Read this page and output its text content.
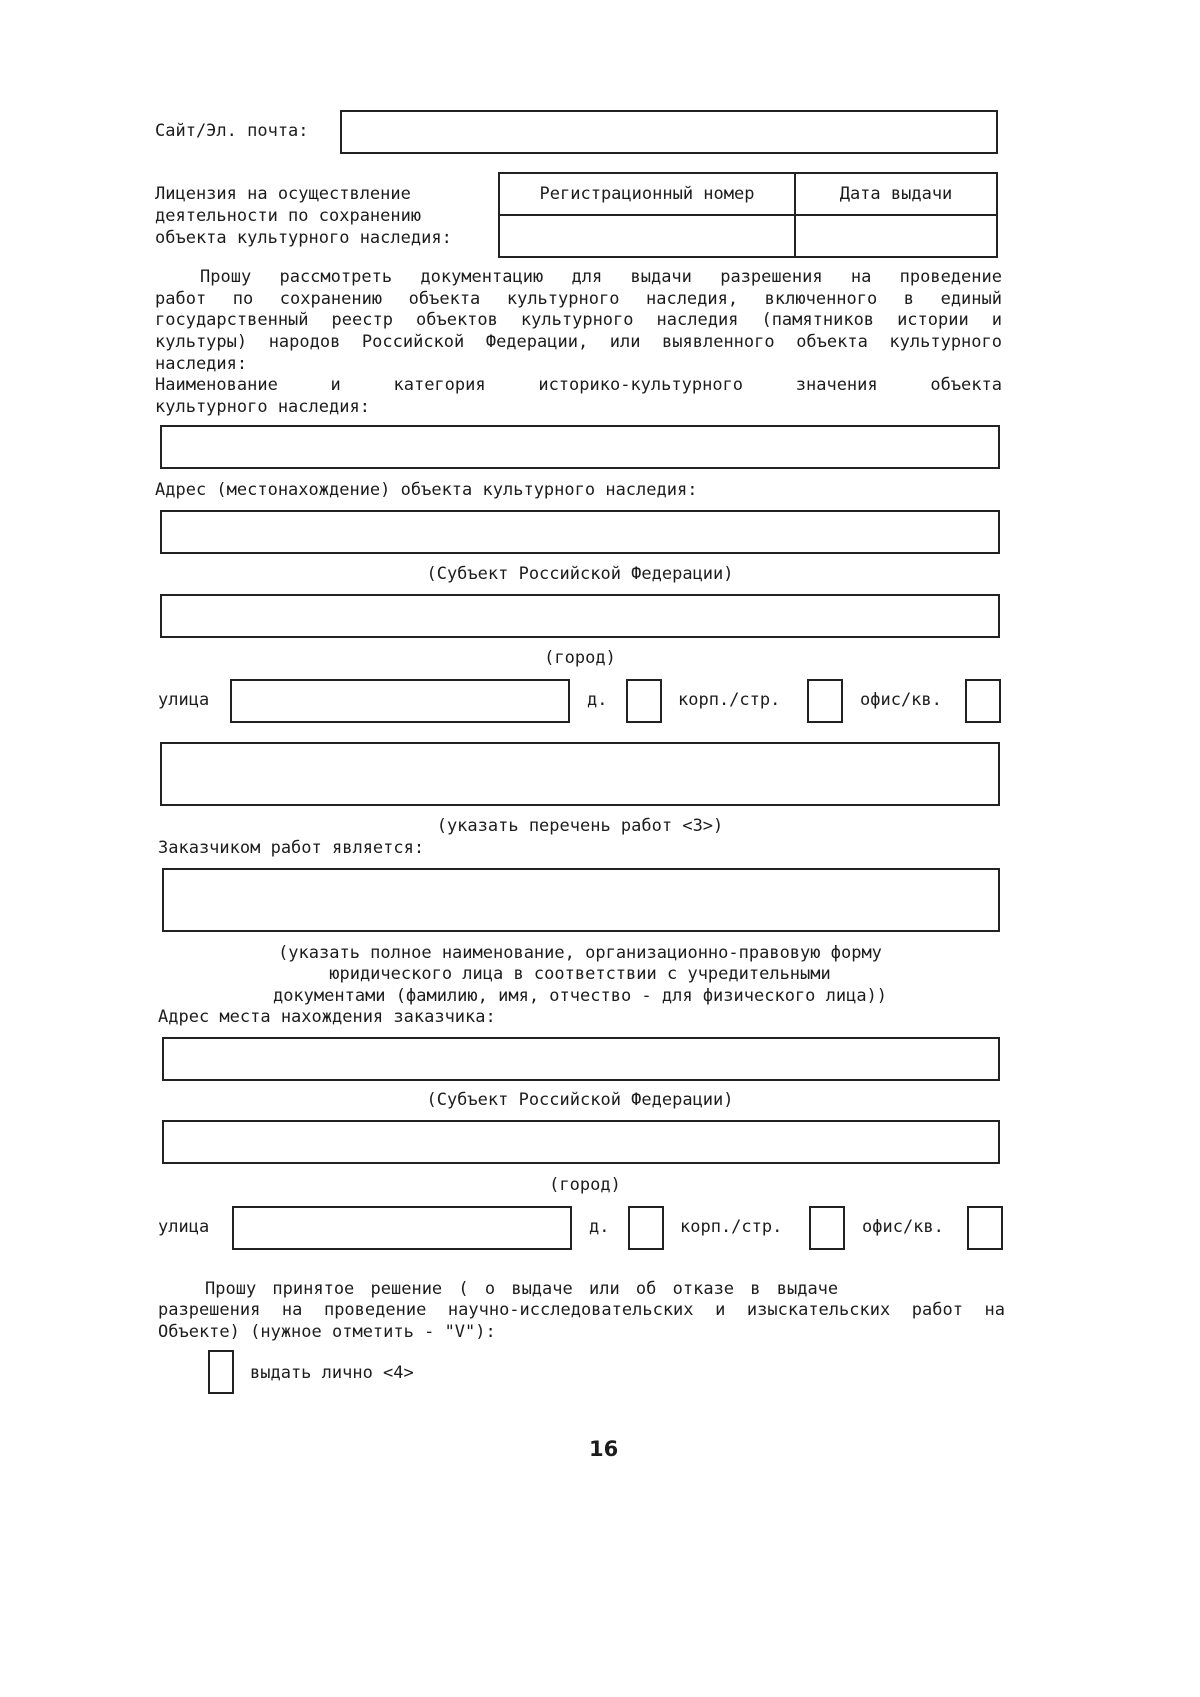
Сайт/Эл. почта:
Лицензия на осуществление
деятельности по сохранению
объекта культурного наследия:
Регистрационный номер	Дата выдачи
Прошу рассмотреть документацию для выдачи разрешения на проведение
работ по сохранению объекта культурного наследия, включенного в единый
государственный реестр объектов культурного наследия (памятников истории и
культуры) народов Российской Федерации, или выявленного объекта культурного
наследия:
Наименование и категория историко-культурного значения объекта
культурного наследия:
Адрес (местонахождение) объекта культурного наследия:
(Субъект Российской Федерации)
(город)
улица	д.	корп./стр.	офис/кв.
(указать перечень работ <3>)
Заказчиком работ является:
(указать полное наименование, организационно-правовую форму
юридического лица в соответствии с учредительными
документами (фамилию, имя, отчество - для физического лица))
Адрес места нахождения заказчика:
(Субъект Российской Федерации)
(город)
улица	д.	корп./стр.	офис/кв.
Прошу принятое решение ( о выдаче или об отказе в выдаче
разрешения на проведение научно-исследовательских и изыскательских работ на
Объекте) (нужное отметить - "V"):
выдать лично <4>
16
